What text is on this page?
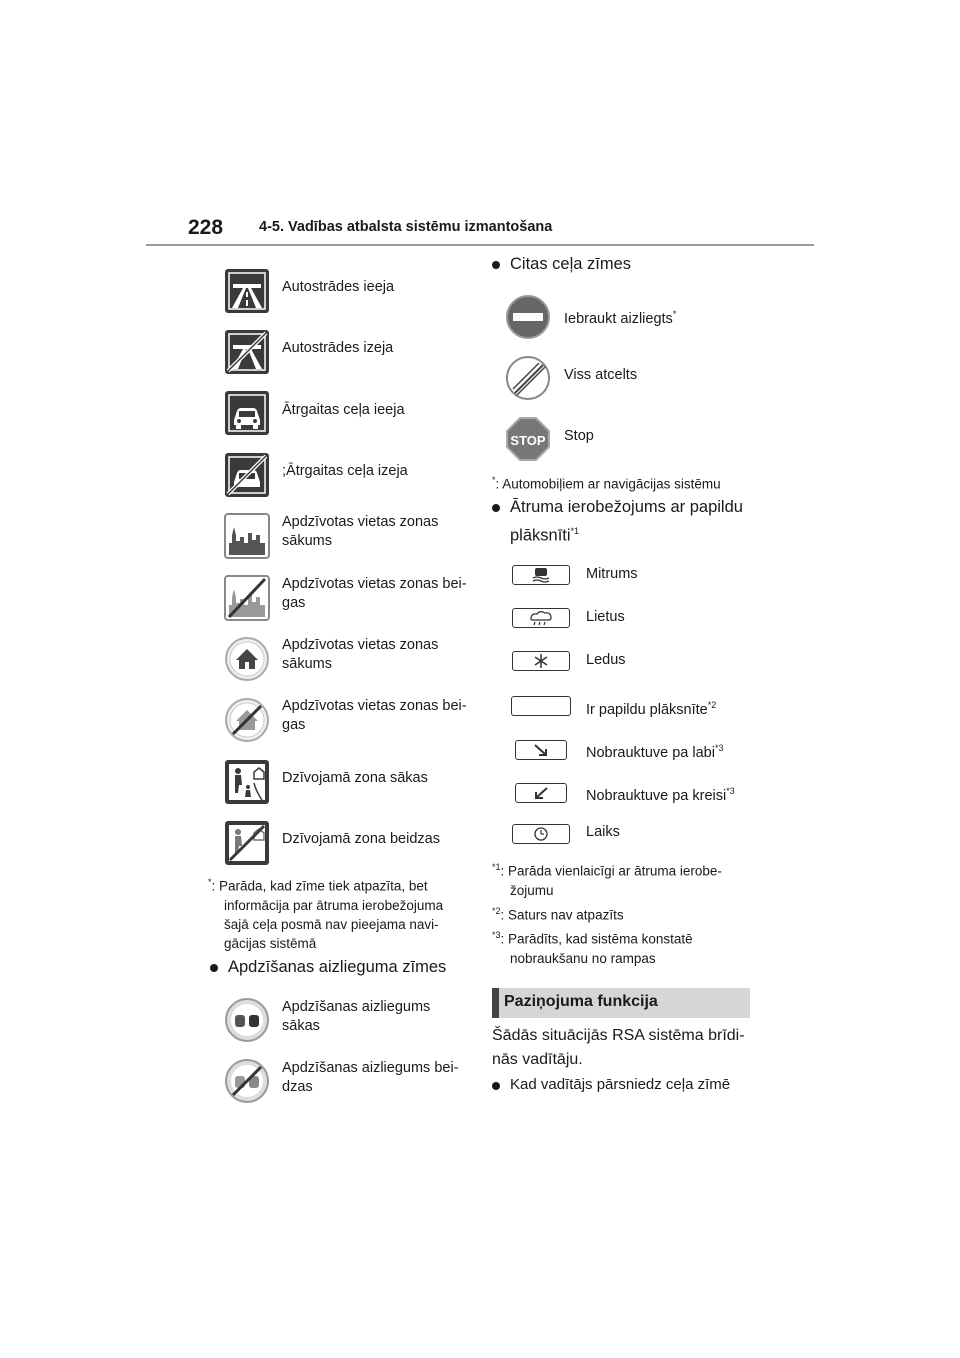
228 4-5. Vadības atbalsta sistēmu izmantošana
Autostrādes ieeja
Autostrādes izeja
Ātrgaitas ceļa ieeja
;Ātrgaitas ceļa izeja
Apdzīvotas vietas zonas sākums
Apdzīvotas vietas zonas bei-gas
Apdzīvotas vietas zonas sākums
Apdzīvotas vietas zonas bei-gas
Dzīvojamā zona sākas
Dzīvojamā zona beidzas
*: Parāda, kad zīme tiek atpazīta, bet
informācija par ātruma ierobežojuma
šajā ceļa posmā nav pieejama navi-
gācijas sistēmā
Apdzīšanas aizlieguma zīmes
Apdzīšanas aizliegums
sākas
Apdzīšanas aizliegums bei-
dzas
Citas ceļa zīmes
Iebraukt aizliegts*
Viss atcelts
STOP Stop
*: Automobiļiem ar navigācijas sistēmu
Ātruma ierobežojums ar papildu
plāksnīti$^{*1}$
Mitrums
Lietus
Ledus
Ir papildu plāksnīte$^{*2}$
Nobrauktuve pa labi$^{*3}$
Nobrauktuve pa kreisi$^{*3}$
Laiks
$^{*1}$: Parāda vienlaicīgi ar ātruma ierobe-
žojumu
$^{*2}$: Saturs nav atpazīts
$^{*3}$: Parādīts, kad sistēma konstatē
nobraukšanu no rampas
Paziņojuma funkcija
Šādās situācijās RSA sistēma brīdi-
nās vadītāju.
Kad vadītājs pārsniedz ceļa zīmē
